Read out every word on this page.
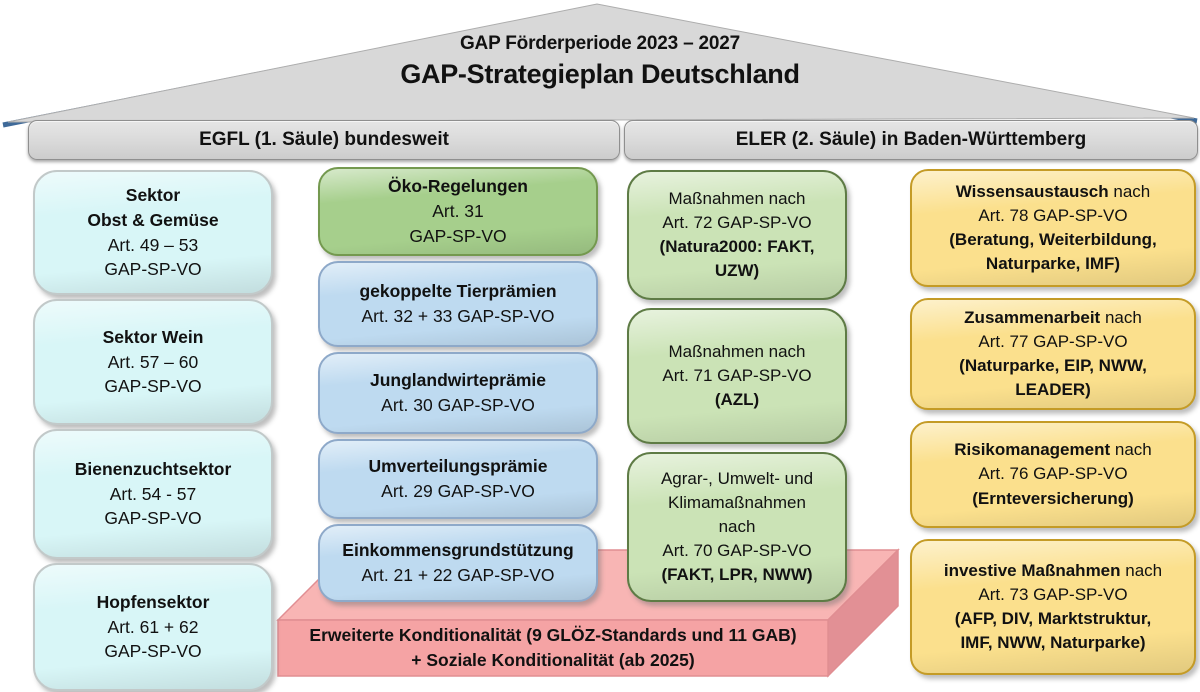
GAP Förderperiode 2023 – 2027
GAP-Strategieplan Deutschland
EGFL (1. Säule) bundesweit	ELER (2. Säule) in Baden-Württemberg
Sektor
Obst & Gemüse
Art. 49 – 53
GAP-SP-VO
Sektor Wein
Art. 57 – 60
GAP-SP-VO
Bienenzuchtsektor
Art. 54 - 57
GAP-SP-VO
Hopfensektor
Art. 61 + 62
GAP-SP-VO
Öko-Regelungen
Art. 31
GAP-SP-VO
gekoppelte Tierprämien
Art. 32 + 33 GAP-SP-VO
Junglandwirteprämie
Art. 30 GAP-SP-VO
Umverteilungsprämie
Art. 29 GAP-SP-VO
Einkommensgrundstützung
Art. 21 + 22 GAP-SP-VO
Maßnahmen nach
Art. 72 GAP-SP-VO
(Natura2000: FAKT,
UZW)
Maßnahmen nach
Art. 71 GAP-SP-VO
(AZL)
Agrar-, Umwelt- und
Klimamaßnahmen
nach
Art. 70 GAP-SP-VO
(FAKT, LPR, NWW)
Wissensaustausch nach
Art. 78 GAP-SP-VO
(Beratung, Weiterbildung,
Naturparke, IMF)
Zusammenarbeit nach
Art. 77 GAP-SP-VO
(Naturparke, EIP, NWW,
LEADER)
Risikomanagement nach
Art. 76 GAP-SP-VO
(Ernteversicherung)
investive Maßnahmen nach
Art. 73 GAP-SP-VO
(AFP, DIV, Marktstruktur,
IMF, NWW, Naturparke)
Erweiterte Konditionalität (9 GLÖZ-Standards und 11 GAB)
+ Soziale Konditionalität (ab 2025)
